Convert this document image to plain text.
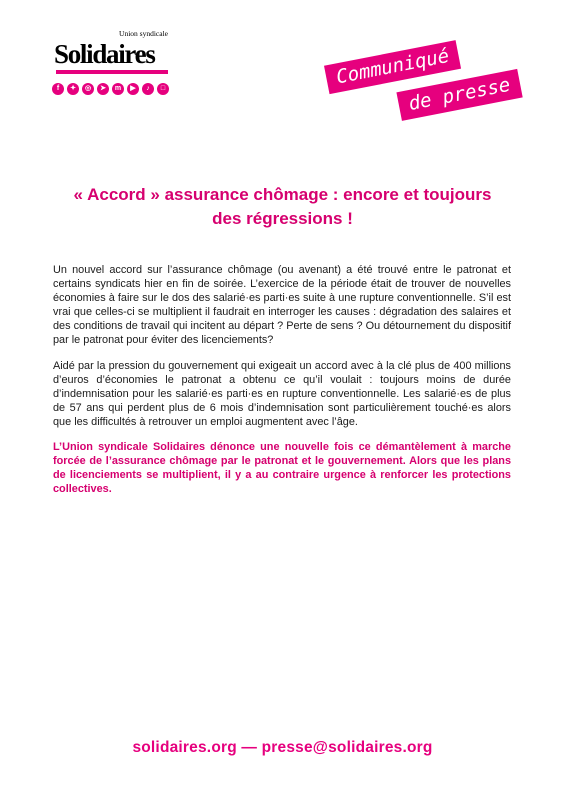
Union syndicale
Solidaires
f	✦	◎	➤	m	▶	♪	□
Communiqué
de presse
« Accord » assurance chômage : encore et toujours des régressions !

Un nouvel accord sur l’assurance chômage (ou avenant) a été trouvé entre le patronat et certains syndicats hier en fin de soirée. L’exercice de la période était de trouver de nouvelles économies à faire sur le dos des salarié·es parti·es suite à une rupture conventionnelle. S’il est vrai que celles-ci se multiplient il faudrait en interroger les causes : dégradation des salaires et des conditions de travail qui incitent au départ ? Perte de sens ? Ou détournement du dispositif par le patronat pour éviter des licenciements?

Aidé par la pression du gouvernement qui exigeait un accord avec à la clé plus de 400 millions d’euros d’économies le patronat a obtenu ce qu’il voulait : toujours moins de durée d’indemnisation pour les salarié·es parti·es en rupture conventionnelle. Les salarié·es de plus de 57 ans qui perdent plus de 6 mois d’indemnisation sont particulièrement touché·es alors que les difficultés à retrouver un emploi augmentent avec l’âge.

L’Union syndicale Solidaires dénonce une nouvelle fois ce démantèlement à marche forcée de l’assurance chômage par le patronat et le gouvernement. Alors que les plans de licenciements se multiplient, il y a au contraire urgence à renforcer les protections collectives.

solidaires.org — presse@solidaires.org
